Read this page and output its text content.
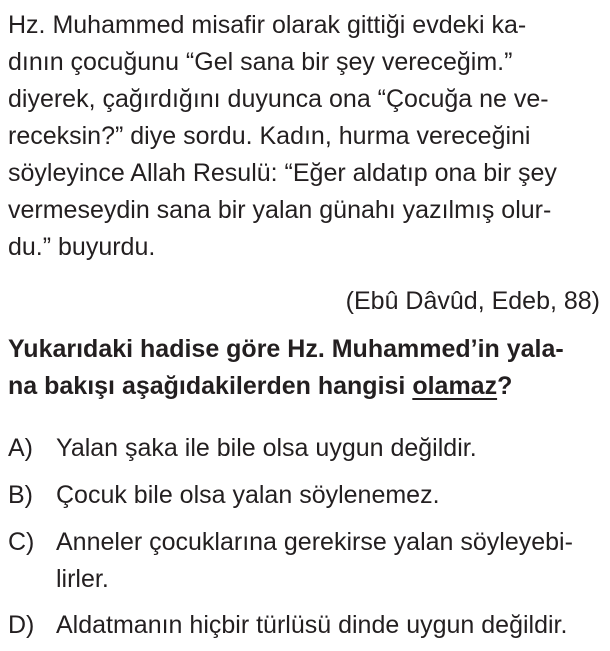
Hz. Muhammed misafir olarak gittiği evdeki ka-
dının çocuğunu “Gel sana bir şey vereceğim.”
diyerek, çağırdığını duyunca ona “Çocuğa ne ve-
receksin?” diye sordu. Kadın, hurma vereceğini
söyleyince Allah Resulü: “Eğer aldatıp ona bir şey
vermeseydin sana bir yalan günahı yazılmış olur-
du.” buyurdu.
(Ebû Dâvûd, Edeb, 88)
Yukarıdaki hadise göre Hz. Muhammed’in yala-
na bakışı aşağıdakilerden hangisi olamaz?
A) Yalan şaka ile bile olsa uygun değildir.
B) Çocuk bile olsa yalan söylenemez.
C) Anneler çocuklarına gerekirse yalan söyleyebi-
lirler.
D) Aldatmanın hiçbir türlüsü dinde uygun değildir.
